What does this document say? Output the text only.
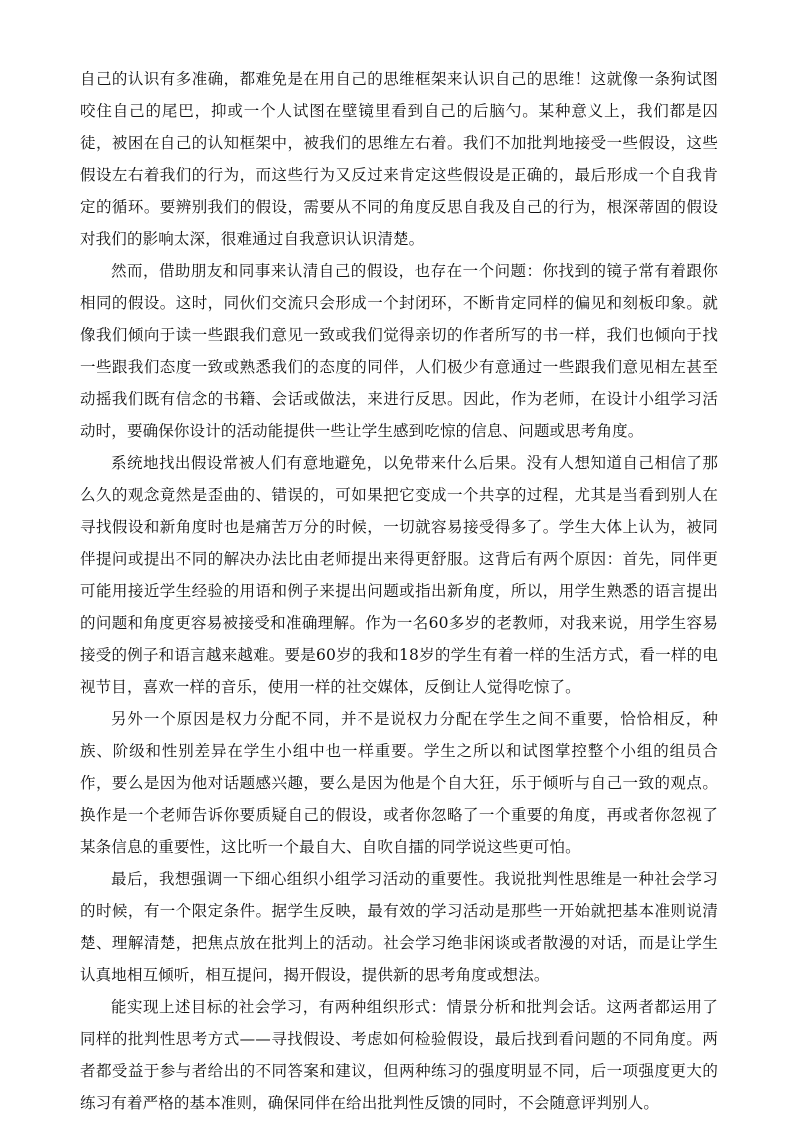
自己的认识有多准确，都难免是在用自己的思维框架来认识自己的思维！这就像一条狗试图咬住自己的尾巴，抑或一个人试图在壁镜里看到自己的后脑勺。某种意义上，我们都是囚徒，被困在自己的认知框架中，被我们的思维左右着。我们不加批判地接受一些假设，这些假设左右着我们的行为，而这些行为又反过来肯定这些假设是正确的，最后形成一个自我肯定的循环。要辨别我们的假设，需要从不同的角度反思自我及自己的行为，根深蒂固的假设对我们的影响太深，很难通过自我意识认识清楚。

然而，借助朋友和同事来认清自己的假设，也存在一个问题：你找到的镜子常有着跟你相同的假设。这时，同伙们交流只会形成一个封闭环，不断肯定同样的偏见和刻板印象。就像我们倾向于读一些跟我们意见一致或我们觉得亲切的作者所写的书一样，我们也倾向于找一些跟我们态度一致或熟悉我们的态度的同伴，人们极少有意通过一些跟我们意见相左甚至动摇我们既有信念的书籍、会话或做法，来进行反思。因此，作为老师，在设计小组学习活动时，要确保你设计的活动能提供一些让学生感到吃惊的信息、问题或思考角度。

系统地找出假设常被人们有意地避免，以免带来什么后果。没有人想知道自己相信了那么久的观念竟然是歪曲的、错误的，可如果把它变成一个共享的过程，尤其是当看到别人在寻找假设和新角度时也是痛苦万分的时候，一切就容易接受得多了。学生大体上认为，被同伴提问或提出不同的解决办法比由老师提出来得更舒服。这背后有两个原因：首先，同伴更可能用接近学生经验的用语和例子来提出问题或指出新角度，所以，用学生熟悉的语言提出的问题和角度更容易被接受和准确理解。作为一名60多岁的老教师，对我来说，用学生容易接受的例子和语言越来越难。要是60岁的我和18岁的学生有着一样的生活方式，看一样的电视节目，喜欢一样的音乐，使用一样的社交媒体，反倒让人觉得吃惊了。

另外一个原因是权力分配不同，并不是说权力分配在学生之间不重要，恰恰相反，种族、阶级和性别差异在学生小组中也一样重要。学生之所以和试图掌控整个小组的组员合作，要么是因为他对话题感兴趣，要么是因为他是个自大狂，乐于倾听与自己一致的观点。换作是一个老师告诉你要质疑自己的假设，或者你忽略了一个重要的角度，再或者你忽视了某条信息的重要性，这比听一个最自大、自吹自擂的同学说这些更可怕。

最后，我想强调一下细心组织小组学习活动的重要性。我说批判性思维是一种社会学习的时候，有一个限定条件。据学生反映，最有效的学习活动是那些一开始就把基本准则说清楚、理解清楚，把焦点放在批判上的活动。社会学习绝非闲谈或者散漫的对话，而是让学生认真地相互倾听，相互提问，揭开假设，提供新的思考角度或想法。

能实现上述目标的社会学习，有两种组织形式：情景分析和批判会话。这两者都运用了同样的批判性思考方式——寻找假设、考虑如何检验假设，最后找到看问题的不同角度。两者都受益于参与者给出的不同答案和建议，但两种练习的强度明显不同，后一项强度更大的练习有着严格的基本准则，确保同伴在给出批判性反馈的同时，不会随意评判别人。
